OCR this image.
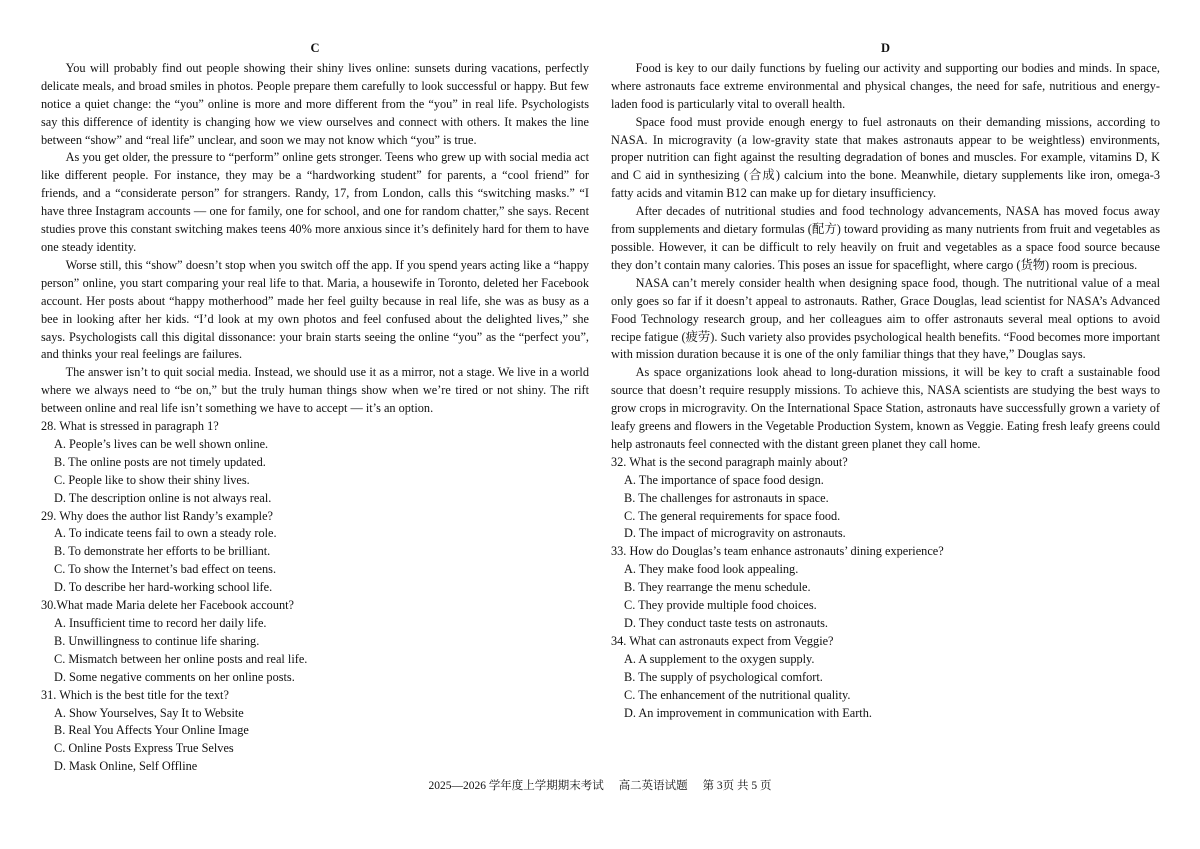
C

You will probably find out people showing their shiny lives online: sunsets during vacations, perfectly delicate meals, and broad smiles in photos. People prepare them carefully to look successful or happy. But few notice a quiet change: the “you” online is more and more different from the “you” in real life. Psychologists say this difference of identity is changing how we view ourselves and connect with others. It makes the line between “show” and “real life” unclear, and soon we may not know which “you” is true.

As you get older, the pressure to “perform” online gets stronger. Teens who grew up with social media act like different people. For instance, they may be a “hardworking student” for parents, a “cool friend” for friends, and a “considerate person” for strangers. Randy, 17, from London, calls this “switching masks.” “I have three Instagram accounts — one for family, one for school, and one for random chatter,” she says. Recent studies prove this constant switching makes teens 40% more anxious since it’s definitely hard for them to have one steady identity.

Worse still, this “show” doesn’t stop when you switch off the app. If you spend years acting like a “happy person” online, you start comparing your real life to that. Maria, a housewife in Toronto, deleted her Facebook account. Her posts about “happy motherhood” made her feel guilty because in real life, she was as busy as a bee in looking after her kids. “I’d look at my own photos and feel confused about the delighted lives,” she says. Psychologists call this digital dissonance: your brain starts seeing the online “you” as the “perfect you”, and thinks your real feelings are failures.

The answer isn’t to quit social media. Instead, we should use it as a mirror, not a stage. We live in a world where we always need to “be on,” but the truly human things show when we’re tired or not shiny. The rift between online and real life isn’t something we have to accept — it’s an option.

28. What is stressed in paragraph 1?

A. People’s lives can be well shown online.

B. The online posts are not timely updated.

C. People like to show their shiny lives.

D. The description online is not always real.

29. Why does the author list Randy’s example?

A. To indicate teens fail to own a steady role.

B. To demonstrate her efforts to be brilliant.

C. To show the Internet’s bad effect on teens.

D. To describe her hard-working school life.

30.What made Maria delete her Facebook account?

A. Insufficient time to record her daily life.

B. Unwillingness to continue life sharing.

C. Mismatch between her online posts and real life.

D. Some negative comments on her online posts.

31. Which is the best title for the text?

A. Show Yourselves, Say It to Website

B. Real You Affects Your Online Image

C. Online Posts Express True Selves

D. Mask Online, Self Offline

D

Food is key to our daily functions by fueling our activity and supporting our bodies and minds. In space, where astronauts face extreme environmental and physical changes, the need for safe, nutritious and energy-laden food is particularly vital to overall health.

Space food must provide enough energy to fuel astronauts on their demanding missions, according to NASA. In microgravity (a low-gravity state that makes astronauts appear to be weightless) environments, proper nutrition can fight against the resulting degradation of bones and muscles. For example, vitamins D, K and C aid in synthesizing (合成) calcium into the bone. Meanwhile, dietary supplements like iron, omega-3 fatty acids and vitamin B12 can make up for dietary insufficiency.

After decades of nutritional studies and food technology advancements, NASA has moved focus away from supplements and dietary formulas (配方) toward providing as many nutrients from fruit and vegetables as possible. However, it can be difficult to rely heavily on fruit and vegetables as a space food source because they don’t contain many calories. This poses an issue for spaceflight, where cargo (货物) room is precious.

NASA can’t merely consider health when designing space food, though. The nutritional value of a meal only goes so far if it doesn’t appeal to astronauts. Rather, Grace Douglas, lead scientist for NASA’s Advanced Food Technology research group, and her colleagues aim to offer astronauts several meal options to avoid recipe fatigue (疲劳). Such variety also provides psychological health benefits. “Food becomes more important with mission duration because it is one of the only familiar things that they have,” Douglas says.

As space organizations look ahead to long-duration missions, it will be key to craft a sustainable food source that doesn’t require resupply missions. To achieve this, NASA scientists are studying the best ways to grow crops in microgravity. On the International Space Station, astronauts have successfully grown a variety of leafy greens and flowers in the Vegetable Production System, known as Veggie. Eating fresh leafy greens could help astronauts feel connected with the distant green planet they call home.

32. What is the second paragraph mainly about?

A. The importance of space food design.

B. The challenges for astronauts in space.

C. The general requirements for space food.

D. The impact of microgravity on astronauts.

33. How do Douglas’s team enhance astronauts’ dining experience?

A. They make food look appealing.

B. They rearrange the menu schedule.

C. They provide multiple food choices.

D. They conduct taste tests on astronauts.

34. What can astronauts expect from Veggie?

A. A supplement to the oxygen supply.

B. The supply of psychological comfort.

C. The enhancement of the nutritional quality.

D. An improvement in communication with Earth.

2025—2026 学年度上学期期末考试 高二英语试题 第 3页 共 5 页
